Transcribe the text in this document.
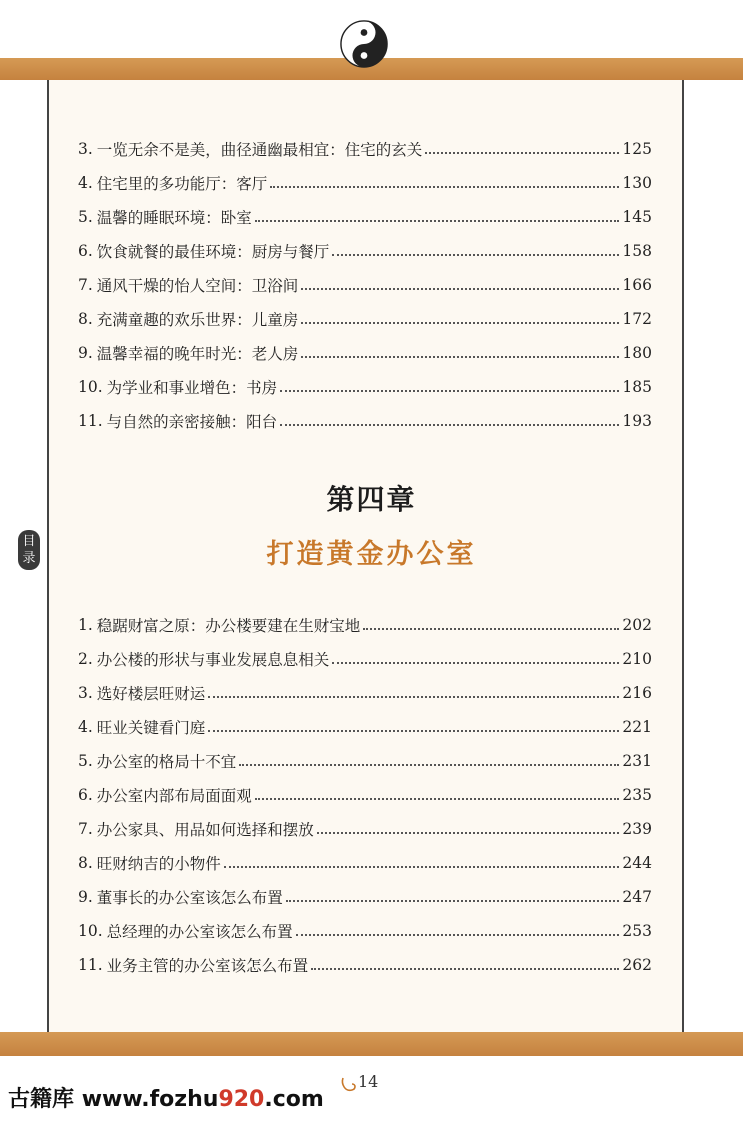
目
录
3. 一览无余不是美，曲径通幽最相宜：住宅的玄关	125
4. 住宅里的多功能厅：客厅	130
5. 温馨的睡眠环境：卧室	145
6. 饮食就餐的最佳环境：厨房与餐厅	158
7. 通风干燥的怡人空间：卫浴间	166
8. 充满童趣的欢乐世界：儿童房	172
9. 温馨幸福的晚年时光：老人房	180
10. 为学业和事业增色：书房	185
11. 与自然的亲密接触：阳台	193
第四章
打造黄金办公室
1. 稳踞财富之原：办公楼要建在生财宝地	202
2. 办公楼的形状与事业发展息息相关	210
3. 选好楼层旺财运	216
4. 旺业关键看门庭	221
5. 办公室的格局十不宜	231
6. 办公室内部布局面面观	235
7. 办公家具、用品如何选择和摆放	239
8. 旺财纳吉的小物件	244
9. 董事长的办公室该怎么布置	247
10. 总经理的办公室该怎么布置	253
11. 业务主管的办公室该怎么布置	262
14
古籍库 www.fozhu920.com
